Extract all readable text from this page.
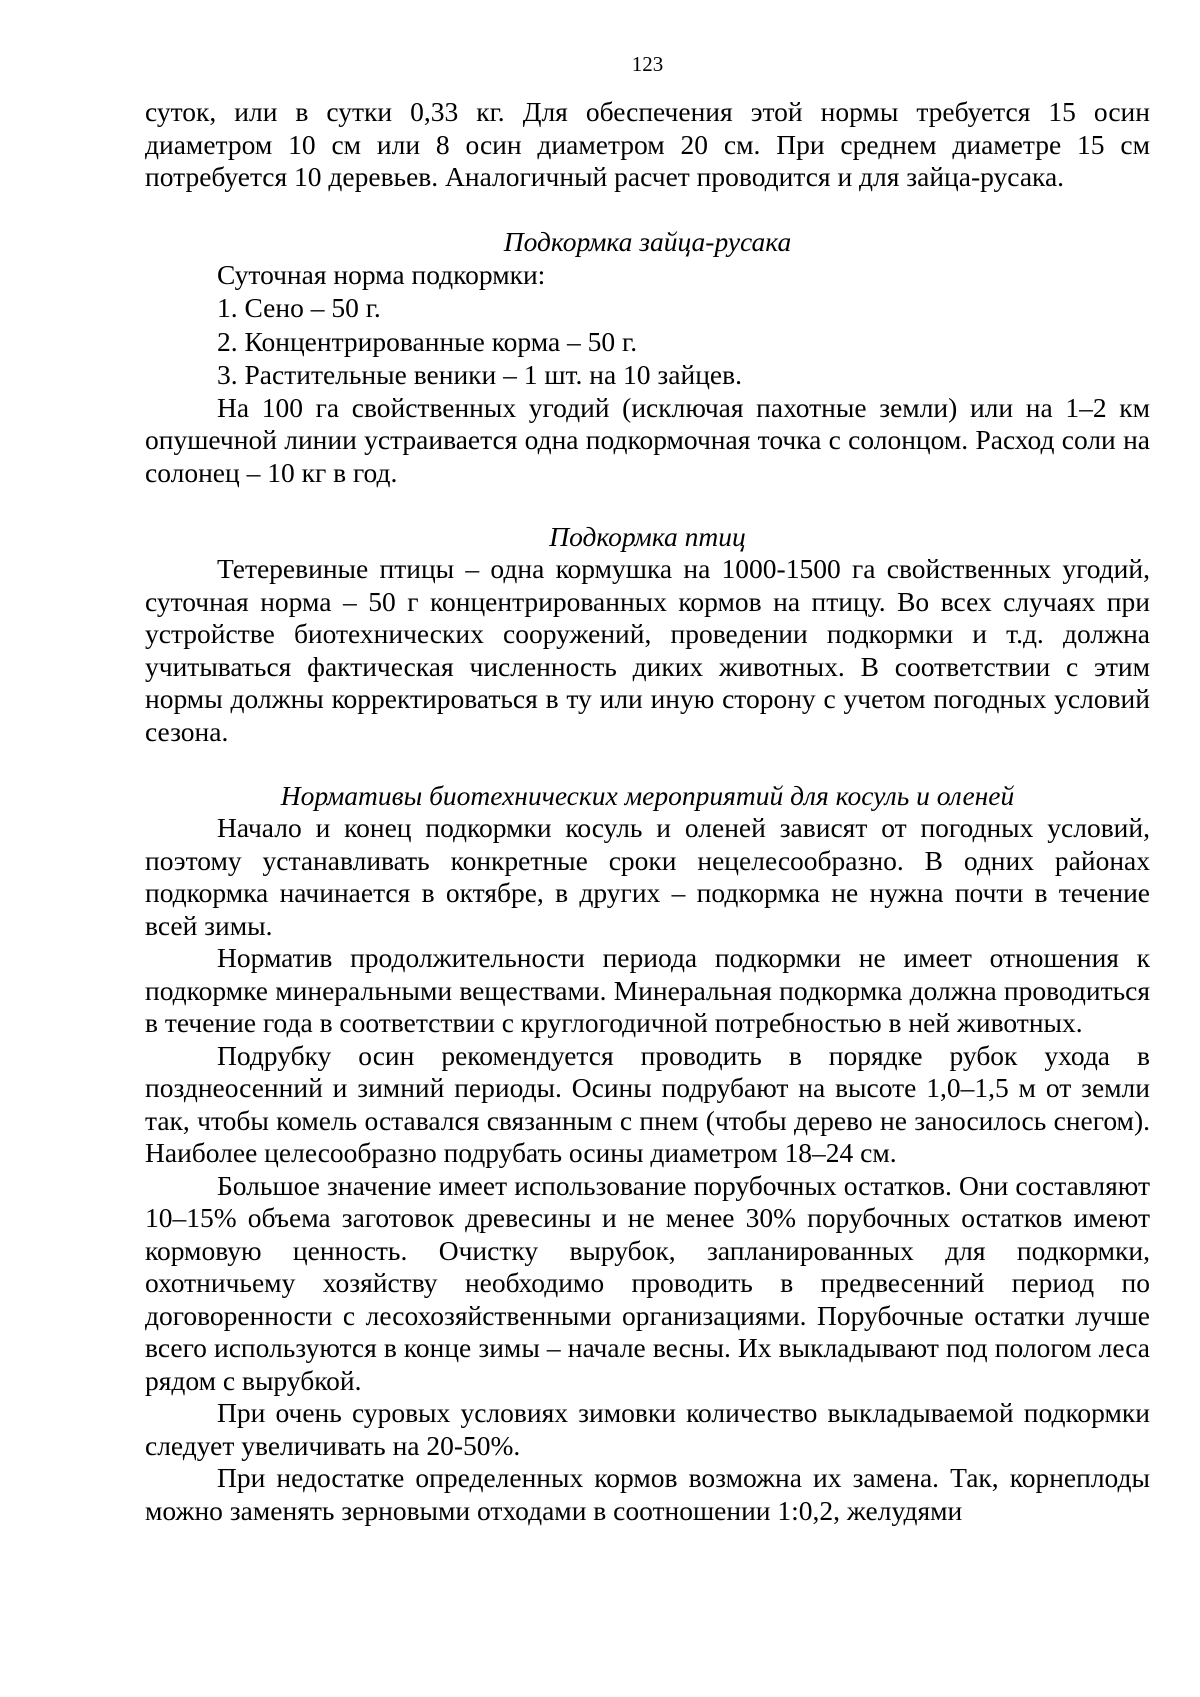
123

суток, или в сутки 0,33 кг. Для обеспечения этой нормы требуется 15 осин диаметром 10 см или 8 осин диаметром 20 см. При среднем диаметре 15 см потребуется 10 деревьев. Аналогичный расчет проводится и для зайца-русака.

Подкормка зайца-русака

Суточная норма подкормки:

1. Сено – 50 г.

2. Концентрированные корма – 50 г.

3. Растительные веники – 1 шт. на 10 зайцев.

На 100 га свойственных угодий (исключая пахотные земли) или на 1–2 км опушечной линии устраивается одна подкормочная точка с солонцом. Расход соли на солонец – 10 кг в год.

Подкормка птиц

Тетеревиные птицы – одна кормушка на 1000-1500 га свойственных угодий, суточная норма – 50 г концентрированных кормов на птицу. Во всех случаях при устройстве биотехнических сооружений, проведении подкормки и т.д. должна учитываться фактическая численность диких животных. В соответствии с этим нормы должны корректироваться в ту или иную сторону с учетом погодных условий сезона.

Нормативы биотехнических мероприятий для косуль и оленей

Начало и конец подкормки косуль и оленей зависят от погодных условий, поэтому устанавливать конкретные сроки нецелесообразно. В одних районах подкормка начинается в октябре, в других – подкормка не нужна почти в течение всей зимы.

Норматив продолжительности периода подкормки не имеет отношения к подкормке минеральными веществами. Минеральная подкормка должна проводиться в течение года в соответствии с круглогодичной потребностью в ней животных.

Подрубку осин рекомендуется проводить в порядке рубок ухода в позднеосенний и зимний периоды. Осины подрубают на высоте 1,0–1,5 м от земли так, чтобы комель оставался связанным с пнем (чтобы дерево не заносилось снегом). Наиболее целесообразно подрубать осины диаметром 18–24 см.

Большое значение имеет использование порубочных остатков. Они составляют 10–15% объема заготовок древесины и не менее 30% порубочных остатков имеют кормовую ценность. Очистку вырубок, запланированных для подкормки, охотничьему хозяйству необходимо проводить в предвесенний период по договоренности с лесохозяйственными организациями. Порубочные остатки лучше всего используются в конце зимы – начале весны. Их выкладывают под пологом леса рядом с вырубкой.

При очень суровых условиях зимовки количество выкладываемой подкормки следует увеличивать на 20-50%.

При недостатке определенных кормов возможна их замена. Так, корнеплоды можно заменять зерновыми отходами в соотношении 1:0,2, желудями
